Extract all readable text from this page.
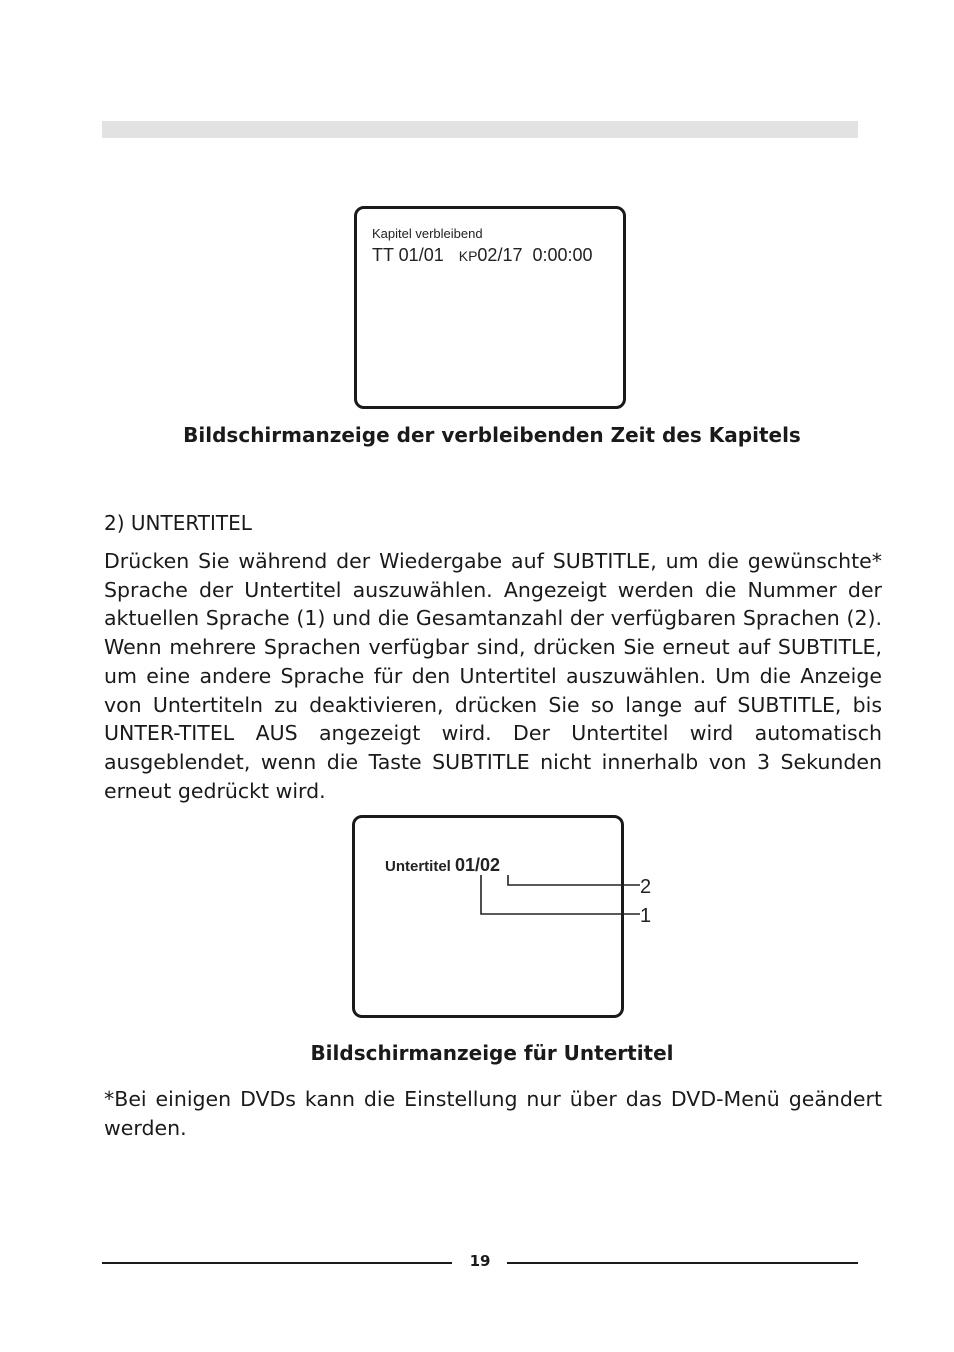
Kapitel verbleibend
TT 01/01 KP02/17 0:00:00
Bildschirmanzeige der verbleibenden Zeit des Kapitels
2) UNTERTITEL
Drücken Sie während der Wiedergabe auf SUBTITLE, um die gewünschte* Sprache der Untertitel auszuwählen. Angezeigt werden die Nummer der aktuellen Sprache (1) und die Gesamtanzahl der verfügbaren Sprachen (2). Wenn mehrere Sprachen verfügbar sind, drücken Sie erneut auf SUBTITLE, um eine andere Sprache für den Untertitel auszuwählen. Um die Anzeige von Untertiteln zu deaktivieren, drücken Sie so lange auf SUBTITLE, bis UNTER-TITEL AUS angezeigt wird. Der Untertitel wird automatisch ausgeblendet, wenn die Taste SUBTITLE nicht innerhalb von 3 Sekunden erneut gedrückt wird.
Untertitel 01/02
2
1
Bildschirmanzeige für Untertitel
*Bei einigen DVDs kann die Einstellung nur über das DVD-Menü geändert werden.
19
